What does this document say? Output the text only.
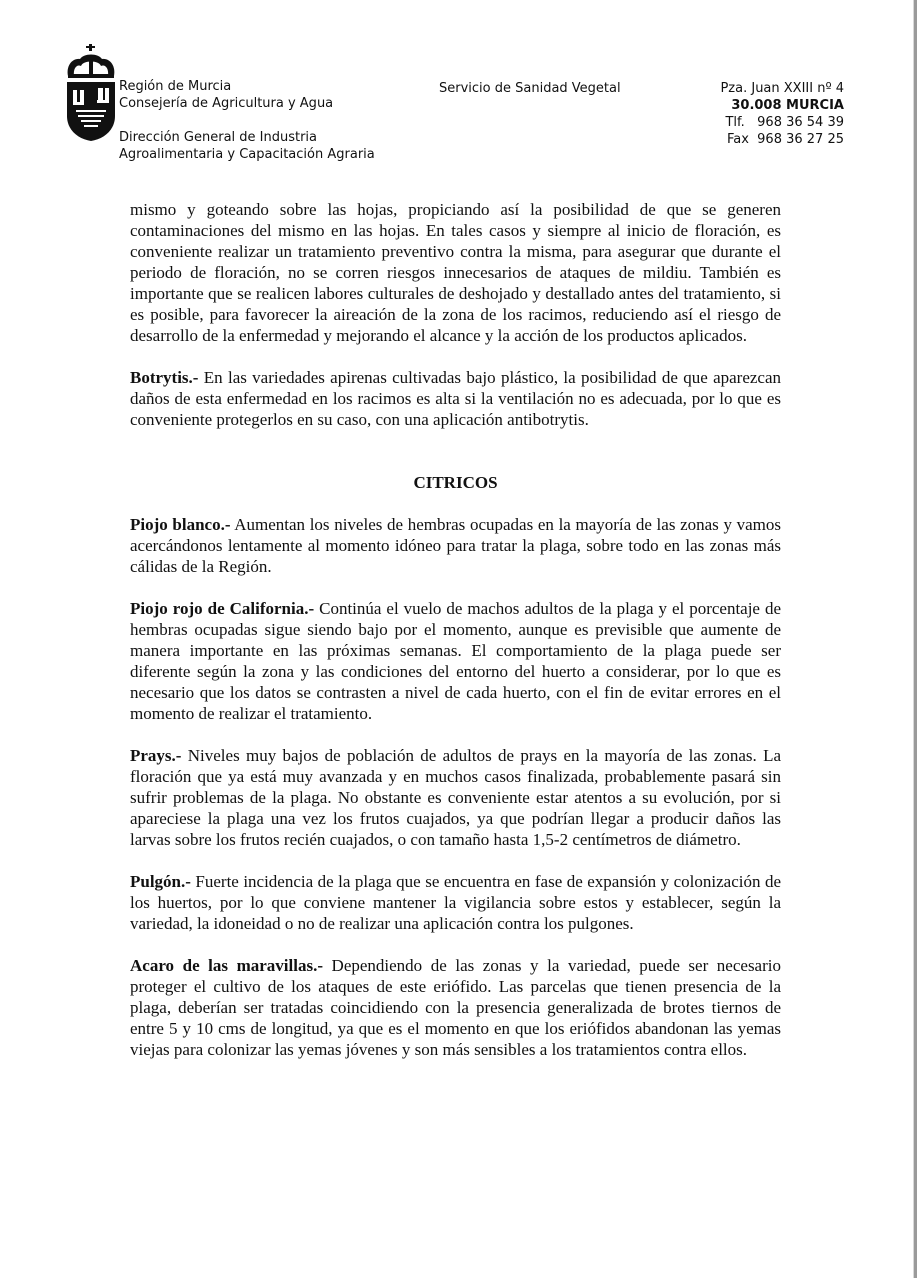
Región de Murcia
Consejería de Agricultura y Agua
Dirección General de Industria
Agroalimentaria y Capacitación Agraria
Servicio de Sanidad Vegetal	Pza. Juan XXIII nº 4
30.008 MURCIA
Tlf.   968 36 54 39
Fax  968 36 27 25

mismo y goteando sobre las hojas, propiciando así la posibilidad de que se generen contaminaciones del mismo en las hojas. En tales casos y siempre al inicio de floración, es conveniente realizar un tratamiento preventivo contra la misma, para asegurar que durante el periodo de floración, no se corren riesgos innecesarios de ataques de mildiu. También es importante que se realicen labores culturales de deshojado y destallado antes del tratamiento, si es posible, para favorecer la aireación de la zona de los racimos, reduciendo así el riesgo de desarrollo de la enfermedad y mejorando el alcance y la acción de los productos aplicados.

Botrytis.- En las variedades apirenas cultivadas bajo plástico, la posibilidad de que aparezcan daños de esta enfermedad en los racimos es alta si la ventilación no es adecuada, por lo que es conveniente protegerlos en su caso, con una aplicación antibotrytis.

CITRICOS

Piojo blanco.- Aumentan los niveles de hembras ocupadas en la mayoría de las zonas y vamos acercándonos lentamente al momento idóneo para tratar la plaga, sobre todo en las zonas más cálidas de la Región.

Piojo rojo de California.- Continúa el vuelo de machos adultos de la plaga y el porcentaje de hembras ocupadas sigue siendo bajo por el momento, aunque es previsible que aumente de manera importante en las próximas semanas. El comportamiento de la plaga puede ser diferente según la zona y las condiciones del entorno del huerto a considerar, por lo que es necesario que los datos se contrasten a nivel de cada huerto, con el fin de evitar errores en el momento de realizar el tratamiento.

Prays.- Niveles muy bajos de población de adultos de prays en la mayoría de las zonas. La floración que ya está muy avanzada y en muchos casos finalizada, probablemente pasará sin sufrir problemas de la plaga. No obstante es conveniente estar atentos a su evolución, por si apareciese la plaga una vez los frutos cuajados, ya que podrían llegar a producir daños las larvas sobre los frutos recién cuajados, o con tamaño hasta 1,5-2 centímetros de diámetro.

Pulgón.- Fuerte incidencia de la plaga que se encuentra en fase de expansión y colonización de los huertos, por lo que conviene mantener la vigilancia sobre estos y establecer, según la variedad, la idoneidad o no de realizar una aplicación contra los pulgones.

Acaro de las maravillas.- Dependiendo de las zonas y la variedad, puede ser necesario proteger el cultivo de los ataques de este eriófido. Las parcelas que tienen presencia de la plaga, deberían ser tratadas coincidiendo con la presencia generalizada de brotes tiernos de entre 5 y 10 cms de longitud, ya que es el momento en que los eriófidos abandonan las yemas viejas para colonizar las yemas jóvenes y son más sensibles a los tratamientos contra ellos.
